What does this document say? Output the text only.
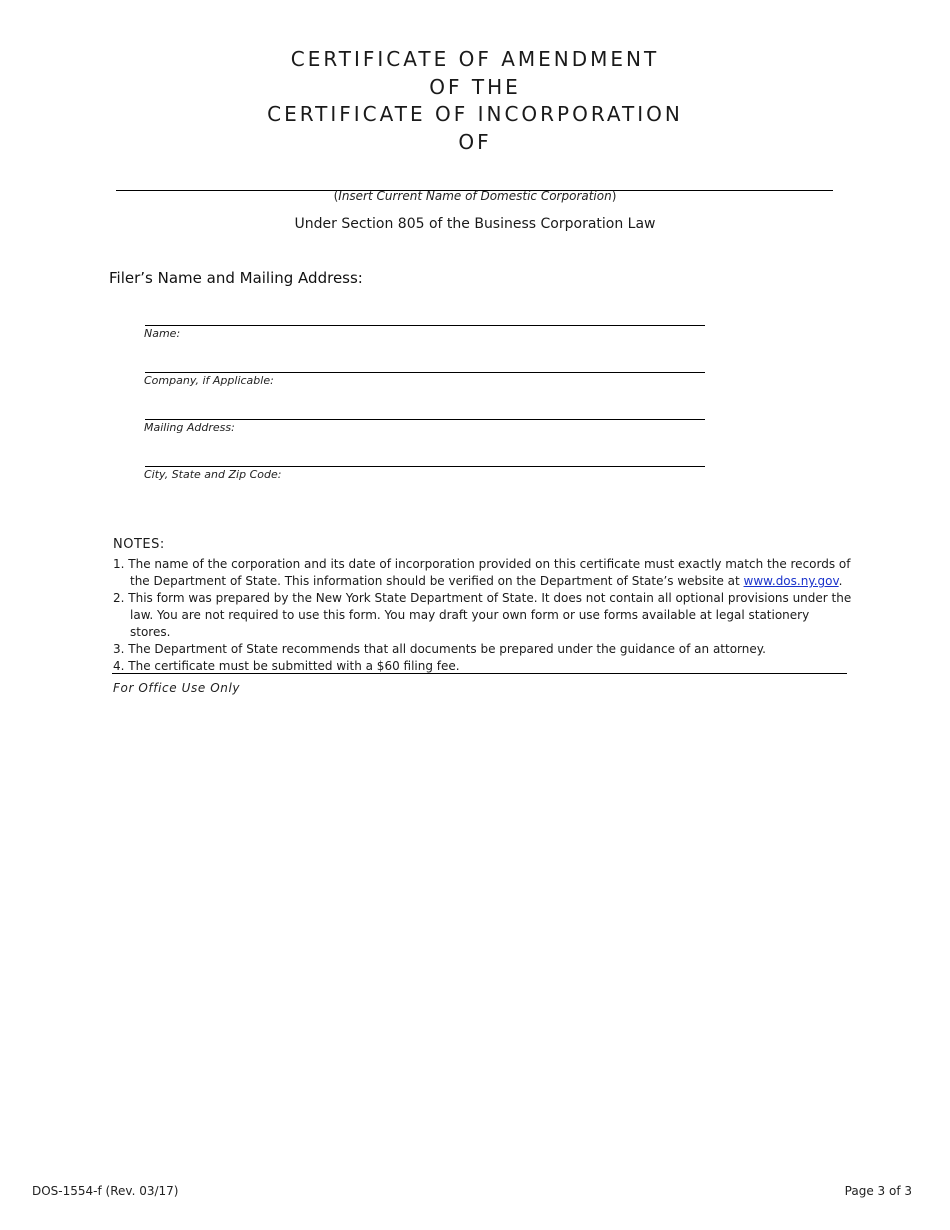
CERTIFICATE OF AMENDMENT
OF THE
CERTIFICATE OF INCORPORATION
OF
(Insert Current Name of Domestic Corporation)
Under Section 805 of the Business Corporation Law
Filer’s Name and Mailing Address:
Name:
Company, if Applicable:
Mailing Address:
City, State and Zip Code:
NOTES:
1. The name of the corporation and its date of incorporation provided on this certificate must exactly match the records of the Department of State. This information should be verified on the Department of State’s website at www.dos.ny.gov.
2. This form was prepared by the New York State Department of State. It does not contain all optional provisions under the law. You are not required to use this form. You may draft your own form or use forms available at legal stationery stores.
3. The Department of State recommends that all documents be prepared under the guidance of an attorney.
4. The certificate must be submitted with a $60 filing fee.
For Office Use Only
DOS-1554-f (Rev. 03/17)	Page 3 of 3
